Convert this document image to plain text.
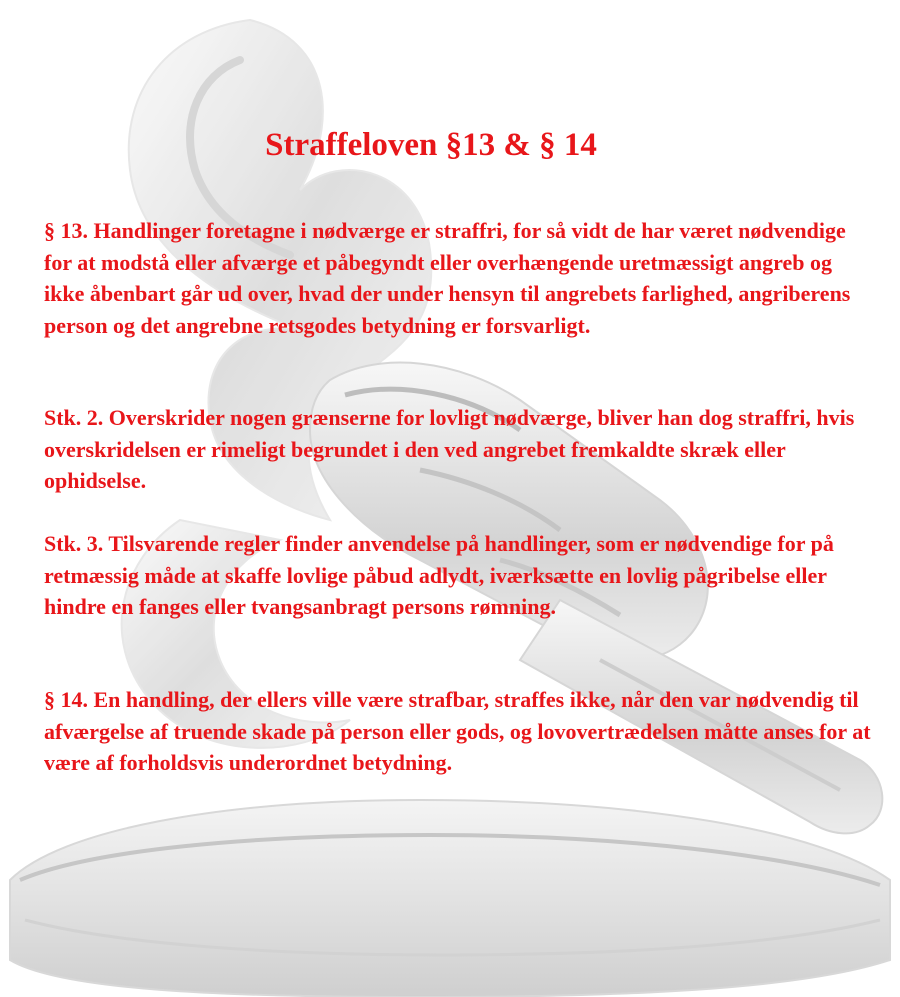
Straffeloven §13 & § 14

§ 13. Handlinger foretagne i nødværge er straffri, for så vidt de har været nødvendige for at modstå eller afværge et påbegyndt eller overhængende uretmæssigt angreb og ikke åbenbart går ud over, hvad der under hensyn til angrebets farlighed, angriberens person og det angrebne retsgodes betydning er forsvarligt.

Stk. 2. Overskrider nogen grænserne for lovligt nødværge, bliver han dog straffri, hvis overskridelsen er rimeligt begrundet i den ved angrebet fremkaldte skræk eller ophidselse.

Stk. 3. Tilsvarende regler finder anvendelse på handlinger, som er nødvendige for på retmæssig måde at skaffe lovlige påbud adlydt, iværksætte en lovlig pågribelse eller hindre en fanges eller tvangsanbragt persons rømning.

§ 14. En handling, der ellers ville være strafbar, straffes ikke, når den var nødvendig til afværgelse af truende skade på person eller gods, og lovovertrædelsen måtte anses for at være af forholdsvis underordnet betydning.
